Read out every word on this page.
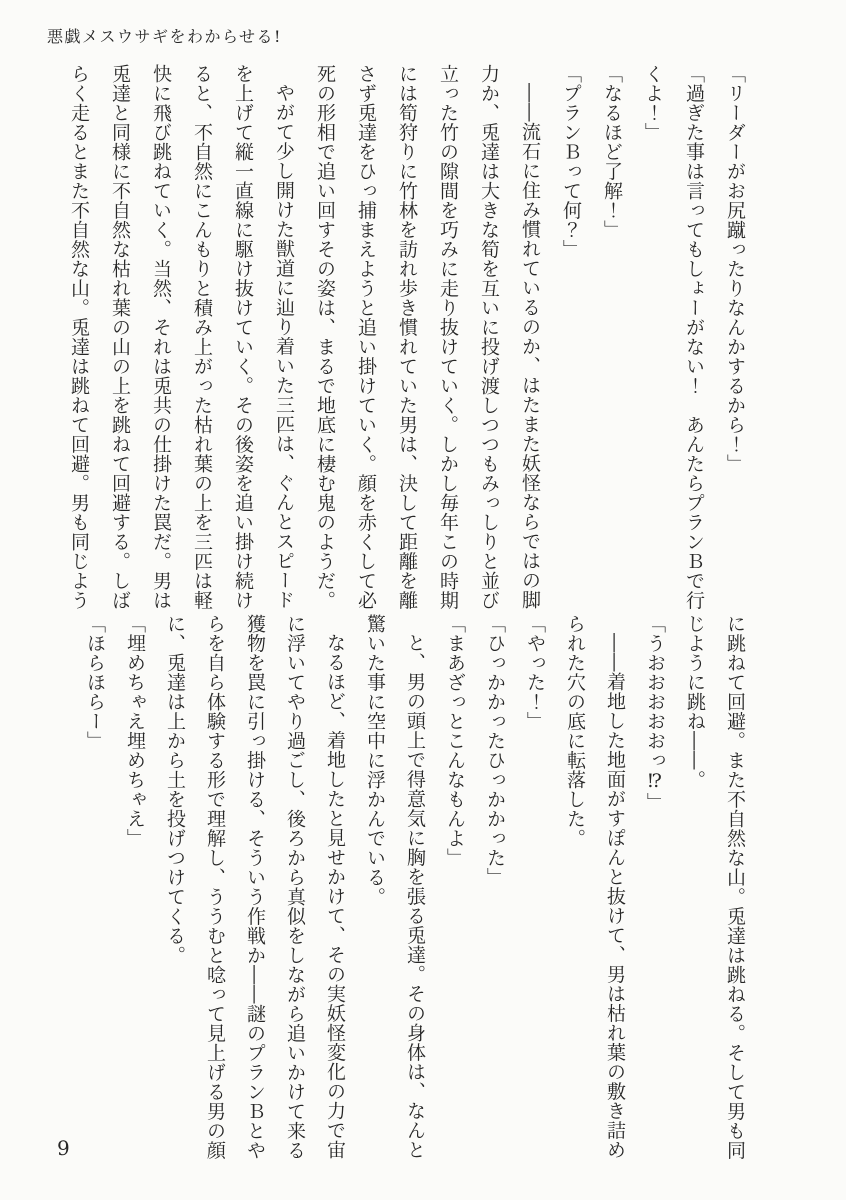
悪戯メスウサギをわからせる!

「リーダーがお尻蹴ったりなんかするから！」

「過ぎた事は言ってもしょーがない！　あんたらプランＢで行

くよ！」

「なるほど了解！」

「プランＢって何？」

――流石に住み慣れているのか、はたまた妖怪ならではの脚

力か、兎達は大きな筍を互いに投げ渡しつつもみっしりと並び

立った竹の隙間を巧みに走り抜けていく。しかし毎年この時期

には筍狩りに竹林を訪れ歩き慣れていた男は、決して距離を離

さず兎達をひっ捕まえようと追い掛けていく。顔を赤くして必

死の形相で追い回すその姿は、まるで地底に棲む鬼のようだ。

やがて少し開けた獣道に辿り着いた三匹は、ぐんとスピード

を上げて縦一直線に駆け抜けていく。その後姿を追い掛け続け

ると、不自然にこんもりと積み上がった枯れ葉の上を三匹は軽

快に飛び跳ねていく。当然、それは兎共の仕掛けた罠だ。男は

兎達と同様に不自然な枯れ葉の山の上を跳ねて回避する。しば

らく走るとまた不自然な山。兎達は跳ねて回避。男も同じよう

に跳ねて回避。また不自然な山。兎達は跳ねる。そして男も同

じように跳ね――。

「うおおおおおっ⁉」

――着地した地面がすぽんと抜けて、男は枯れ葉の敷き詰め

られた穴の底に転落した。

「やった！」

「ひっかかったひっかかった」

「まあざっとこんなもんよ」

と、男の頭上で得意気に胸を張る兎達。その身体は、なんと

驚いた事に空中に浮かんでいる。

なるほど、着地したと見せかけて、その実妖怪変化の力で宙

に浮いてやり過ごし、後ろから真似をしながら追いかけて来る

獲物を罠に引っ掛ける、そういう作戦か――謎のプランＢとや

らを自ら体験する形で理解し、ううむと唸って見上げる男の顔

に、兎達は上から土を投げつけてくる。

「埋めちゃえ埋めちゃえ」

「ほらほらー」

9
